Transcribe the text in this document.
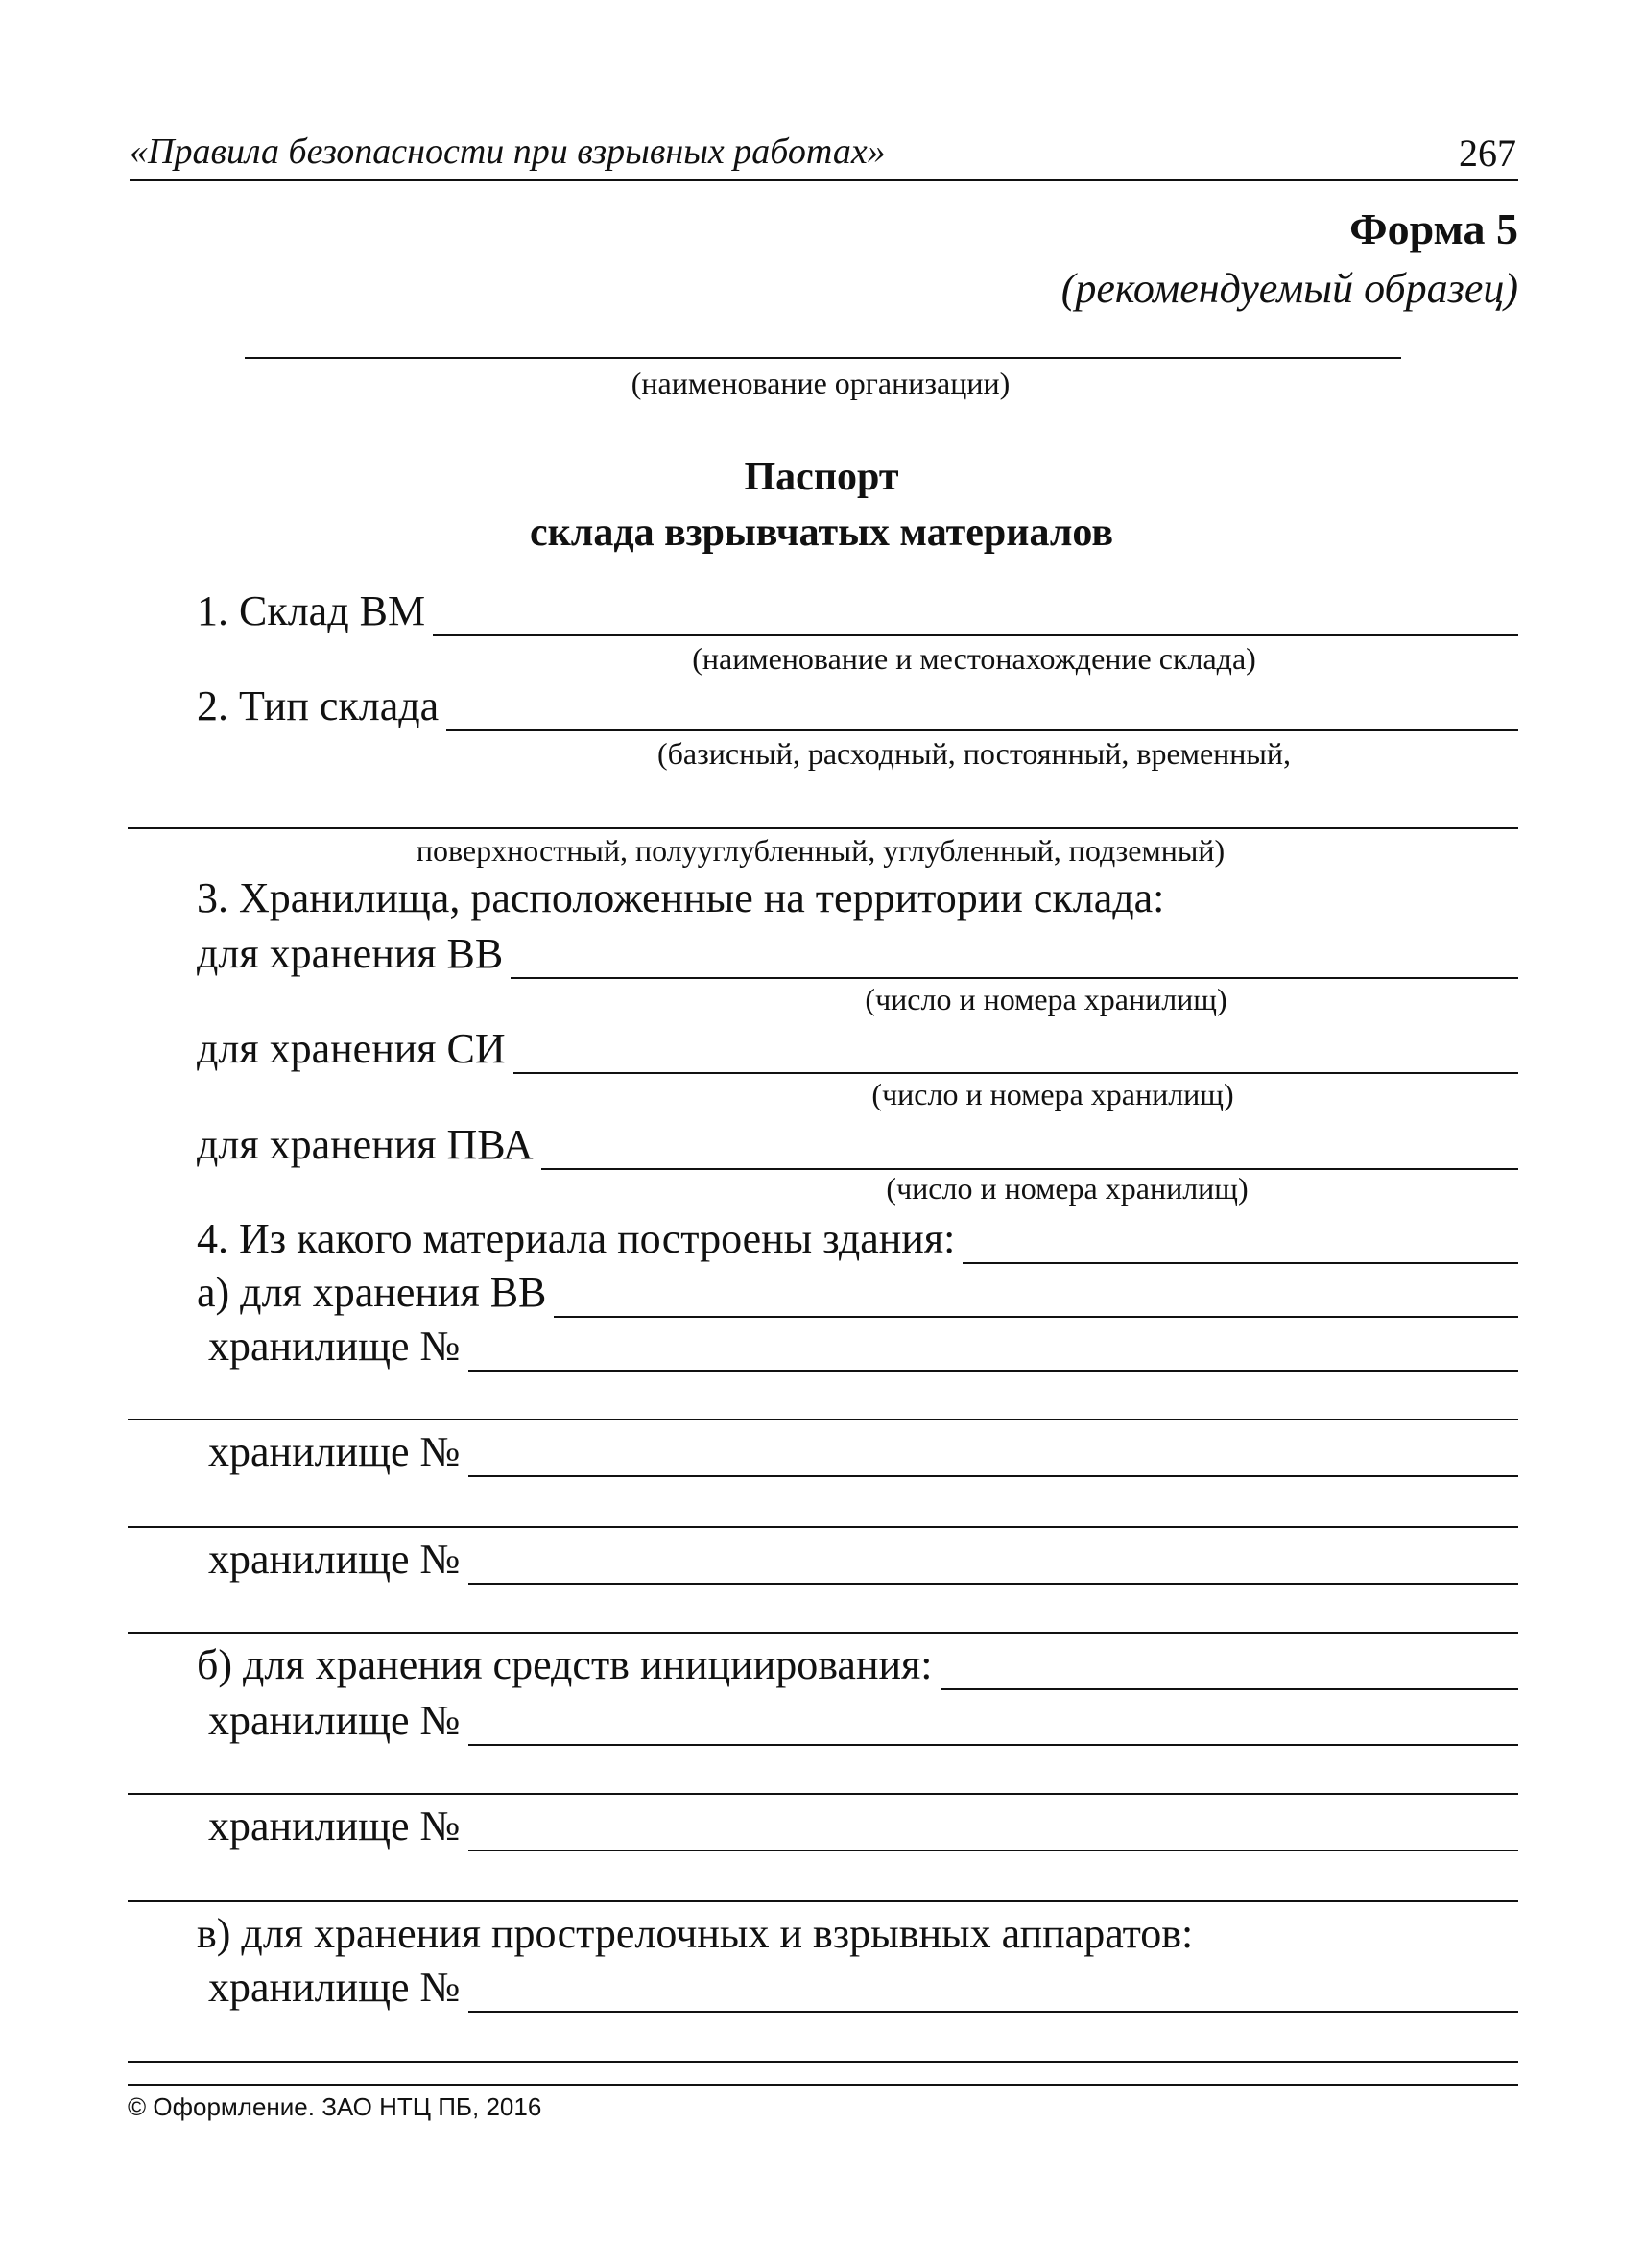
«Правила безопасности при взрывных работах»	267
Форма 5
(рекомендуемый образец)
(наименование организации)
Паспорт
склада взрывчатых материалов
1. Склад ВМ
(наименование и местонахождение склада)
2. Тип склада
(базисный, расходный, постоянный, временный,
поверхностный, полууглубленный, углубленный, подземный)
3. Хранилища, расположенные на территории склада:
для хранения ВВ
(число и номера хранилищ)
для хранения СИ
(число и номера хранилищ)
для хранения ПВА
(число и номера хранилищ)
4. Из какого материала построены здания:
а) для хранения ВВ
хранилище №
хранилище №
хранилище №
б) для хранения средств инициирования:
хранилище №
хранилище №
в) для хранения прострелочных и взрывных аппаратов:
хранилище №
© Оформление. ЗАО НТЦ ПБ, 2016
